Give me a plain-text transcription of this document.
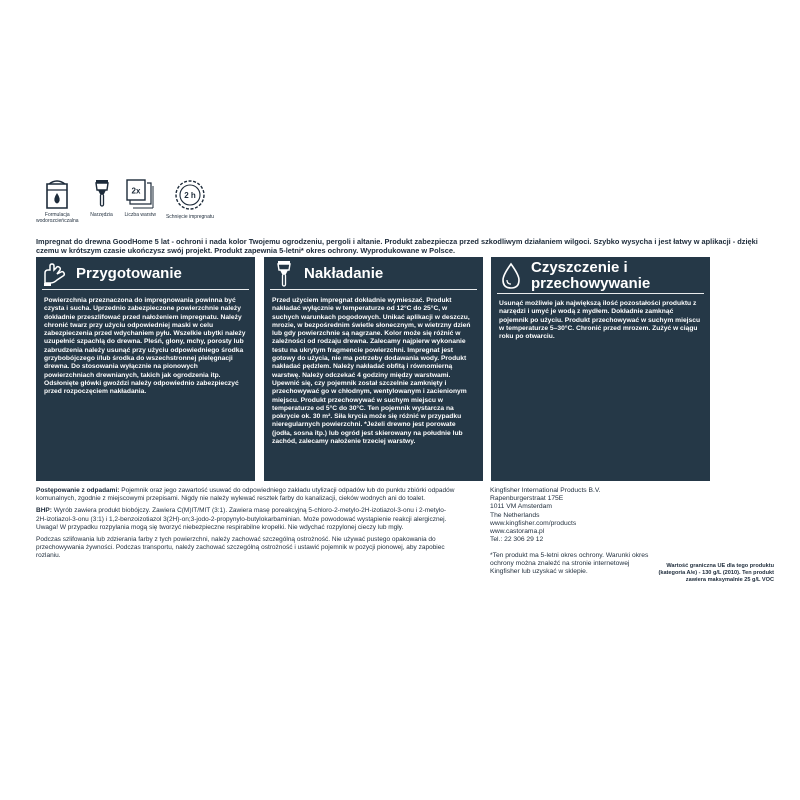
Formulacja
wodorozcieńczalna
Narzędzia
2x
Liczba warstw
2 h
Schnięcie impregnatu
Impregnat do drewna GoodHome 5 lat - ochroni i nada kolor Twojemu ogrodzeniu, pergoli i altanie. Produkt zabezpiecza przed szkodliwym działaniem wilgoci. Szybko wysycha i jest łatwy w aplikacji - dzięki czemu w krótszym czasie ukończysz swój projekt. Produkt zapewnia 5-letni* okres ochrony. Wyprodukowane w Polsce.
Przygotowanie
Powierzchnia przeznaczona do impregnowania powinna być czysta i sucha. Uprzednio zabezpieczone powierzchnie należy dokładnie przeszlifować przed nałożeniem impregnatu. Należy chronić twarz przy użyciu odpowiedniej maski w celu zabezpieczenia przed wdychaniem pyłu. Wszelkie ubytki należy uzupełnić szpachlą do drewna. Pleśń, glony, mchy, porosty lub zabrudzenia należy usunąć przy użyciu odpowiedniego środka grzybobójczego i/lub środka do wszechstronnej pielęgnacji drewna. Do stosowania wyłącznie na pionowych powierzchniach drewnianych, takich jak ogrodzenia itp. Odsłonięte główki gwoździ należy odpowiednio zabezpieczyć przed rozpoczęciem nakładania.
Nakładanie
Przed użyciem impregnat dokładnie wymieszać. Produkt nakładać wyłącznie w temperaturze od 12°C do 25°C, w suchych warunkach pogodowych. Unikać aplikacji w deszczu, mrozie, w bezpośrednim świetle słonecznym, w wietrzny dzień lub gdy powierzchnie są nagrzane. Kolor może się różnić w zależności od rodzaju drewna. Zalecamy najpierw wykonanie testu na ukrytym fragmencie powierzchni. Impregnat jest gotowy do użycia, nie ma potrzeby dodawania wody. Produkt nakładać pędzlem. Należy nakładać obfitą i równomierną warstwę. Należy odczekać 4 godziny między warstwami. Upewnić się, czy pojemnik został szczelnie zamknięty i przechowywać go w chłodnym, wentylowanym i zacienionym miejscu. Produkt przechowywać w suchym miejscu w temperaturze od 5°C do 30°C. Ten pojemnik wystarcza na pokrycie ok. 30 m². Siła krycia może się różnić w przypadku nieregularnych powierzchni. *Jeżeli drewno jest porowate (jodła, sosna itp.) lub ogród jest skierowany na południe lub zachód, zalecamy nałożenie trzeciej warstwy.
Czyszczenie i przechowywanie
Usunąć możliwie jak największą ilość pozostałości produktu z narzędzi i umyć je wodą z mydłem. Dokładnie zamknąć pojemnik po użyciu. Produkt przechowywać w suchym miejscu w temperaturze 5–30°C. Chronić przed mrozem. Zużyć w ciągu roku po otwarciu.

Postępowanie z odpadami: Pojemnik oraz jego zawartość usuwać do odpowiedniego zakładu utylizacji odpadów lub do punktu zbiórki odpadów komunalnych, zgodnie z miejscowymi przepisami. Nigdy nie należy wylewać resztek farby do kanalizacji, cieków wodnych ani do toalet.

BHP: Wyrób zawiera produkt biobójczy. Zawiera C(M)IT/MIT (3:1). Zawiera masę poreakcyjną 5-chloro-2-metylo-2H-izotiazol-3-onu i 2-metylo-2H-izotiazol-3-onu (3:1) i 1,2-benzoizotiazol 3(2H)-on;3-jodo-2-propynylo-butylokarbaminian. Może powodować wystąpienie reakcji alergicznej. Uwaga! W przypadku rozpylania mogą się tworzyć niebezpieczne respirabilne kropelki. Nie wdychać rozpylonej cieczy lub mgły.

Podczas szlifowania lub zdzierania farby z tych powierzchni, należy zachować szczególną ostrożność. Nie używać pustego opakowania do przechowywania żywności. Podczas transportu, należy zachować szczególną ostrożność i ustawić pojemnik w pozycji pionowej, aby zapobiec rozlaniu.

Kingfisher International Products B.V.
Rapenburgerstraat 175E
1011 VM Amsterdam
The Netherlands
www.kingfisher.com/products
www.castorama.pl
Tel.: 22 306 29 12
*Ten produkt ma 5-letni okres ochrony. Warunki okres ochrony można znaleźć na stronie internetowej Kingfisher lub uzyskać w sklepie.
Wartość graniczna UE dla tego produktu (kategoria A/e) - 130 g/L (2010). Ten produkt zawiera maksymalnie 25 g/L VOC
